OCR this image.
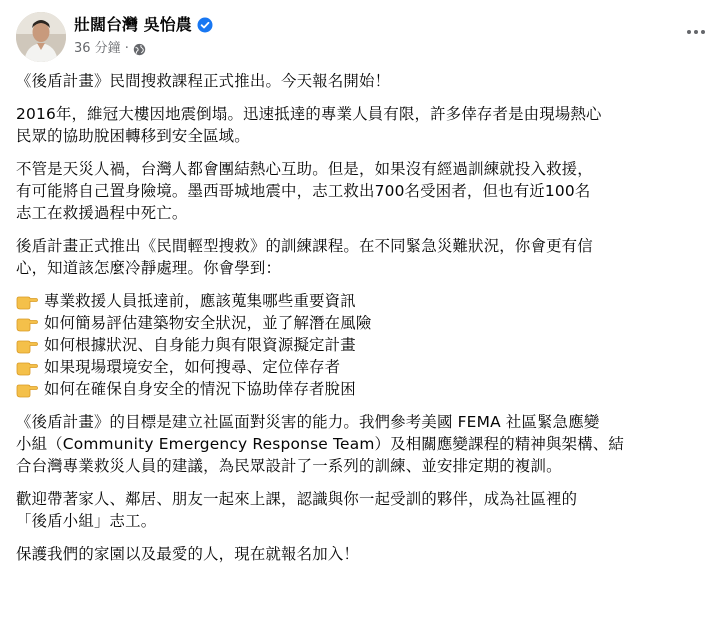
壯闊台灣 吳怡農
36 分鐘 ·
《後盾計畫》民間搜救課程正式推出。今天報名開始！
2016年，維冠大樓因地震倒塌。迅速抵達的專業人員有限，許多倖存者是由現場熱心
民眾的協助脫困轉移到安全區域。
不管是天災人禍，台灣人都會團結熱心互助。但是，如果沒有經過訓練就投入救援，
有可能將自己置身險境。墨西哥城地震中，志工救出700名受困者，但也有近100名
志工在救援過程中死亡。
後盾計畫正式推出《民間輕型搜救》的訓練課程。在不同緊急災難狀況，你會更有信
心，知道該怎麼冷靜處理。你會學到：
專業救援人員抵達前，應該蒐集哪些重要資訊
如何簡易評估建築物安全狀況，並了解潛在風險
如何根據狀況、自身能力與有限資源擬定計畫
如果現場環境安全，如何搜尋、定位倖存者
如何在確保自身安全的情況下協助倖存者脫困
《後盾計畫》的目標是建立社區面對災害的能力。我們參考美國 FEMA 社區緊急應變
小組（Community Emergency Response Team）及相關應變課程的精神與架構、結
合台灣專業救災人員的建議，為民眾設計了一系列的訓練、並安排定期的複訓。
歡迎帶著家人、鄰居、朋友一起來上課，認識與你一起受訓的夥伴，成為社區裡的
「後盾小組」志工。
保護我們的家園以及最愛的人，現在就報名加入！
